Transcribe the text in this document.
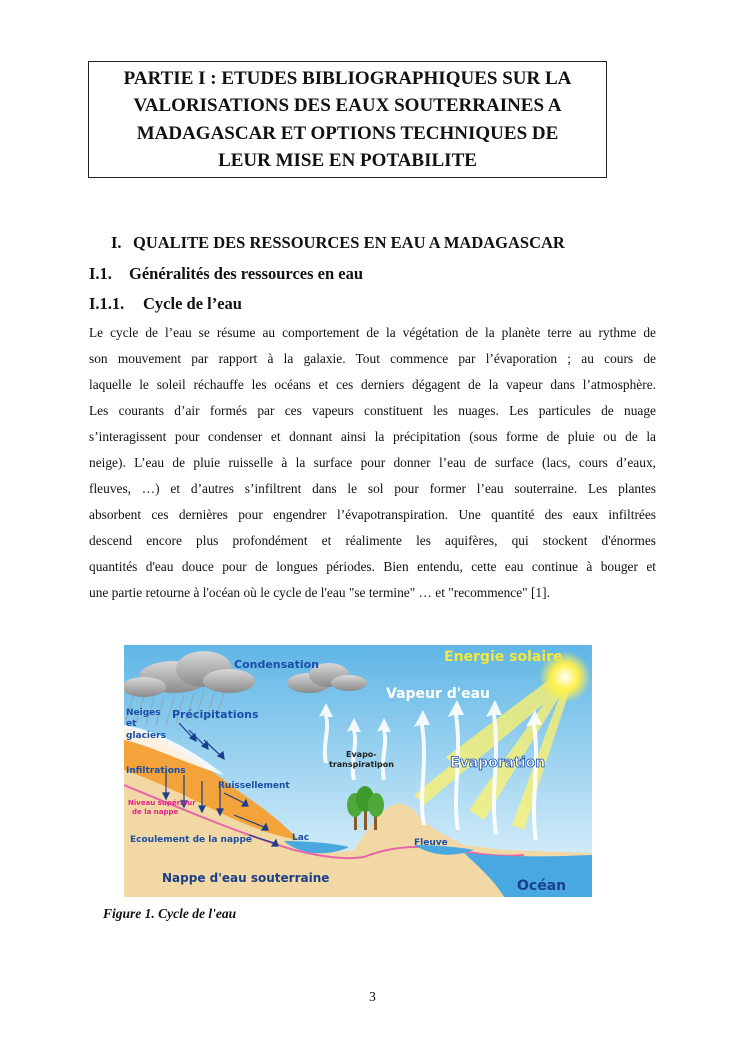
PARTIE I : ETUDES BIBLIOGRAPHIQUES SUR LA
VALORISATIONS DES EAUX SOUTERRAINES A
MADAGASCAR ET OPTIONS TECHNIQUES DE
LEUR MISE EN POTABILITE
I. QUALITE DES RESSOURCES EN EAU A MADAGASCAR
I.1. Généralités des ressources en eau
I.1.1. Cycle de l’eau
Le cycle de l’eau se résume au comportement de la végétation de la planète terre au rythme de
son mouvement par rapport à la galaxie. Tout commence par l’évaporation ; au cours de
laquelle le soleil réchauffe les océans et ces derniers dégagent de la vapeur dans l’atmosphère.
Les courants d’air formés par ces vapeurs constituent les nuages. Les particules de nuage
s’interagissent pour condenser et donnant ainsi la précipitation (sous forme de pluie ou de la
neige). L’eau de pluie ruisselle à la surface pour donner l’eau de surface (lacs, cours d’eaux,
fleuves, …) et d’autres s’infiltrent dans le sol pour former l’eau souterraine. Les plantes
absorbent ces dernières pour engendrer l’évapotranspiration. Une quantité des eaux infiltrées
descend encore plus profondément et réalimente les aquifères, qui stockent d'énormes
quantités d'eau douce pour de longues périodes. Bien entendu, cette eau continue à bouger et
une partie retourne à l'océan où le cycle de l'eau "se termine" … et "recommence" [1].
Condensation	Energie solaire
Vapeur d'eau
Neiges
et
glaciers
Précipitations
Evapo-
transpiratipon	Evaporation
Infiltrations
Ruissellement
Niveau supérieur
de la nappe
Ecoulement de la nappe	Lac	Fleuve
Nappe d'eau souterraine	Océan
Figure 1. Cycle de l'eau
3
